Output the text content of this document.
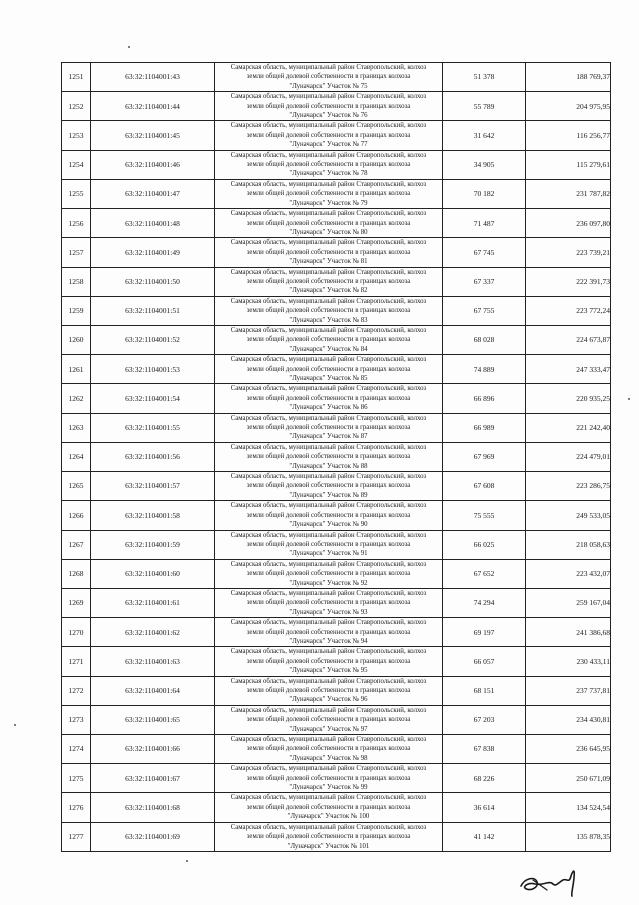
1251	63:32:1104001:43	Самарская область, муниципальный район Ставропольский, колхоз
земли общей долевой собственности в границах колхоза
"Луначарск" Участок № 75	51 378	188 769,37
1252	63:32:1104001:44	Самарская область, муниципальный район Ставропольский, колхоз
земли общей долевой собственности в границах колхоза
"Луначарск" Участок № 76	55 789	204 975,95
1253	63:32:1104001:45	Самарская область, муниципальный район Ставропольский, колхоз
земли общей долевой собственности в границах колхоза
"Луначарск" Участок № 77	31 642	116 256,77
1254	63:32:1104001:46	Самарская область, муниципальный район Ставропольский, колхоз
земли общей долевой собственности в границах колхоза
"Луначарск" Участок № 78	34 905	115 279,61
1255	63:32:1104001:47	Самарская область, муниципальный район Ставропольский, колхоз
земли общей долевой собственности в границах колхоза
"Луначарск" Участок № 79	70 182	231 787,82
1256	63:32:1104001:48	Самарская область, муниципальный район Ставропольский, колхоз
земли общей долевой собственности в границах колхоза
"Луначарск" Участок № 80	71 487	236 097,80
1257	63:32:1104001:49	Самарская область, муниципальный район Ставропольский, колхоз
земли общей долевой собственности в границах колхоза
"Луначарск" Участок № 81	67 745	223 739,21
1258	63:32:1104001:50	Самарская область, муниципальный район Ставропольский, колхоз
земли общей долевой собственности в границах колхоза
"Луначарск" Участок № 82	67 337	222 391,73
1259	63:32:1104001:51	Самарская область, муниципальный район Ставропольский, колхоз
земли общей долевой собственности в границах колхоза
"Луначарск" Участок № 83	67 755	223 772,24
1260	63:32:1104001:52	Самарская область, муниципальный район Ставропольский, колхоз
земли общей долевой собственности в границах колхоза
"Луначарск" Участок № 84	68 028	224 673,87
1261	63:32:1104001:53	Самарская область, муниципальный район Ставропольский, колхоз
земли общей долевой собственности в границах колхоза
"Луначарск" Участок № 85	74 889	247 333,47
1262	63:32:1104001:54	Самарская область, муниципальный район Ставропольский, колхоз
земли общей долевой собственности в границах колхоза
"Луначарск" Участок № 86	66 896	220 935,25
1263	63:32:1104001:55	Самарская область, муниципальный район Ставропольский, колхоз
земли общей долевой собственности в границах колхоза
"Луначарск" Участок № 87	66 989	221 242,40
1264	63:32:1104001:56	Самарская область, муниципальный район Ставропольский, колхоз
земли общей долевой собственности в границах колхоза
"Луначарск" Участок № 88	67 969	224 479,01
1265	63:32:1104001:57	Самарская область, муниципальный район Ставропольский, колхоз
земли общей долевой собственности в границах колхоза
"Луначарск" Участок № 89	67 608	223 286,75
1266	63:32:1104001:58	Самарская область, муниципальный район Ставропольский, колхоз
земли общей долевой собственности в границах колхоза
"Луначарск" Участок № 90	75 555	249 533,05
1267	63:32:1104001:59	Самарская область, муниципальный район Ставропольский, колхоз
земли общей долевой собственности в границах колхоза
"Луначарск" Участок № 91	66 025	218 058,63
1268	63:32:1104001:60	Самарская область, муниципальный район Ставропольский, колхоз
земли общей долевой собственности в границах колхоза
"Луначарск" Участок № 92	67 652	223 432,07
1269	63:32:1104001:61	Самарская область, муниципальный район Ставропольский, колхоз
земли общей долевой собственности в границах колхоза
"Луначарск" Участок № 93	74 294	259 167,04
1270	63:32:1104001:62	Самарская область, муниципальный район Ставропольский, колхоз
земли общей долевой собственности в границах колхоза
"Луначарск" Участок № 94	69 197	241 386,68
1271	63:32:1104001:63	Самарская область, муниципальный район Ставропольский, колхоз
земли общей долевой собственности в границах колхоза
"Луначарск" Участок № 95	66 057	230 433,11
1272	63:32:1104001:64	Самарская область, муниципальный район Ставропольский, колхоз
земли общей долевой собственности в границах колхоза
"Луначарск" Участок № 96	68 151	237 737,81
1273	63:32:1104001:65	Самарская область, муниципальный район Ставропольский, колхоз
земли общей долевой собственности в границах колхоза
"Луначарск" Участок № 97	67 203	234 430,81
1274	63:32:1104001:66	Самарская область, муниципальный район Ставропольский, колхоз
земли общей долевой собственности в границах колхоза
"Луначарск" Участок № 98	67 838	236 645,95
1275	63:32:1104001:67	Самарская область, муниципальный район Ставропольский, колхоз
земли общей долевой собственности в границах колхоза
"Луначарск" Участок № 99	68 226	250 671,09
1276	63:32:1104001:68	Самарская область, муниципальный район Ставропольский, колхоз
земли общей долевой собственности в границах колхоза
"Луначарск" Участок № 100	36 614	134 524,54
1277	63:32:1104001:69	Самарская область, муниципальный район Ставропольский, колхоз
земли общей долевой собственности в границах колхоза
"Луначарск" Участок № 101	41 142	135 878,35
